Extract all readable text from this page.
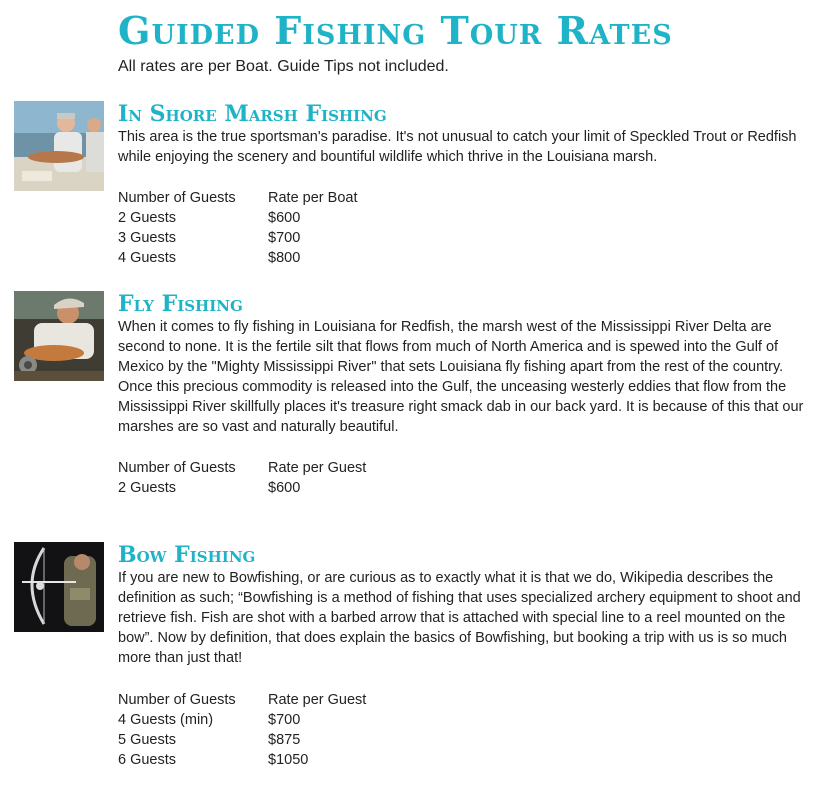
Guided Fishing Tour Rates
All rates are per Boat. Guide Tips not included.
In Shore Marsh Fishing

This area is the true sportsman's paradise. It's not unusual to catch your limit of Speckled Trout or Redfish while enjoying the scenery and bountiful wildlife which thrive in the Louisiana marsh.

Number of Guests	Rate per Boat
2 Guests	$600
3 Guests	$700
4 Guests	$800
Fly Fishing

When it comes to fly fishing in Louisiana for Redfish, the marsh west of the Mississippi River Delta are second to none. It is the fertile silt that flows from much of North America and is spewed into the Gulf of Mexico by the "Mighty Mississippi River" that sets Louisiana fly fishing apart from the rest of the country. Once this precious commodity is released into the Gulf, the unceasing westerly eddies that flow from the Mississippi River skillfully places it's treasure right smack dab in our back yard. It is because of this that our marshes are so vast and naturally beautiful.

Number of Guests	Rate per Guest
2 Guests	$600
Bow Fishing

If you are new to Bowfishing, or are curious as to exactly what it is that we do, Wikipedia describes the definition as such; “Bowfishing is a method of fishing that uses specialized archery equipment to shoot and retrieve fish. Fish are shot with a barbed arrow that is attached with special line to a reel mounted on the bow”. Now by definition, that does explain the basics of Bowfishing, but booking a trip with us is so much more than just that!

Number of Guests	Rate per Guest
4 Guests (min)	$700
5 Guests	$875
6 Guests	$1050
